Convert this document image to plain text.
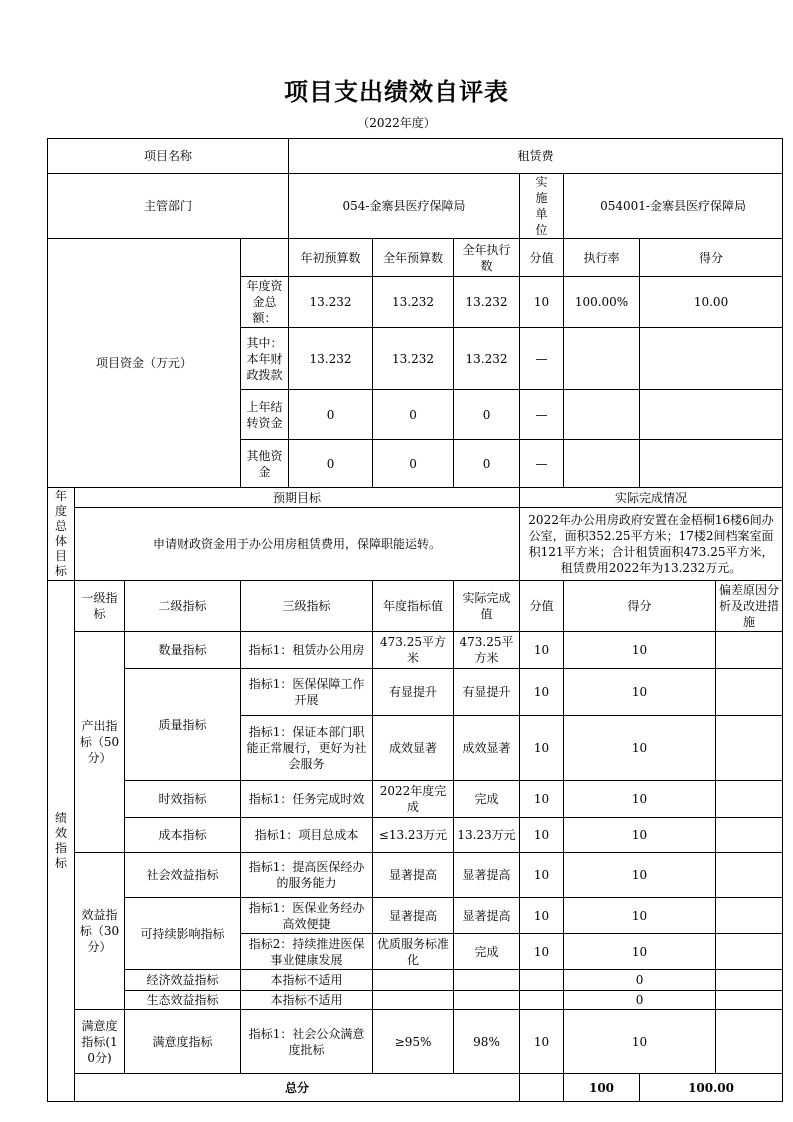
项目支出绩效自评表
（2022年度）
项目名称				租赁费							
主管部门				054-金寨县医疗保障局			实施单位	054001-金寨县医疗保障局			
项目资金（万元）				年初预算数	全年预算数	全年执行数	分值	执行率	得分		
			年度资金总额：	13.232	13.232	13.232	10	100.00%	10.00		
			其中：本年财政拨款	13.232	13.232	13.232	—				
			上年结转资金	0	0	0	—				
			其他资金	0	0	0	—				
年度总体目标	预期目标						实际完成情况				
	申请财政资金用于办公用房租赁费用，保障职能运转。						2022年办公用房政府安置在金梧桐16楼6间办公室，面积352.25平方米；17楼2间档案室面积121平方米；合计租赁面积473.25平方米，租赁费用2022年为13.232万元。				
绩效指标	一级指标	二级指标	三级指标		年度指标值	实际完成值	分值	得分		偏差原因分析及改进措施	
	产出指标（50分）	数量指标	指标1：租赁办公用房		473.25平方米	473.25平方米	10	10			
		质量指标	指标1：医保保障工作开展		有显提升	有显提升	10	10			
			指标1：保证本部门职能正常履行，更好为社会服务		成效显著	成效显著	10	10			
		时效指标	指标1：任务完成时效		2022年度完成	完成	10	10			
		成本指标	指标1：项目总成本		≤13.23万元	13.23万元	10	10			
	效益指标（30分）	社会效益指标	指标1：提高医保经办的服务能力		显著提高	显著提高	10	10			
		可持续影响指标	指标1：医保业务经办高效便捷		显著提高	显著提高	10	10			
			指标2：持续推进医保事业健康发展		优质服务标准化	完成	10	10			
		经济效益指标	本指标不适用					0			
		生态效益指标	本指标不适用					0			
	满意度指标(10分)	满意度指标	指标1：社会公众满意度批标		≥95%	98%	10	10			
	总分							100	100.00		
